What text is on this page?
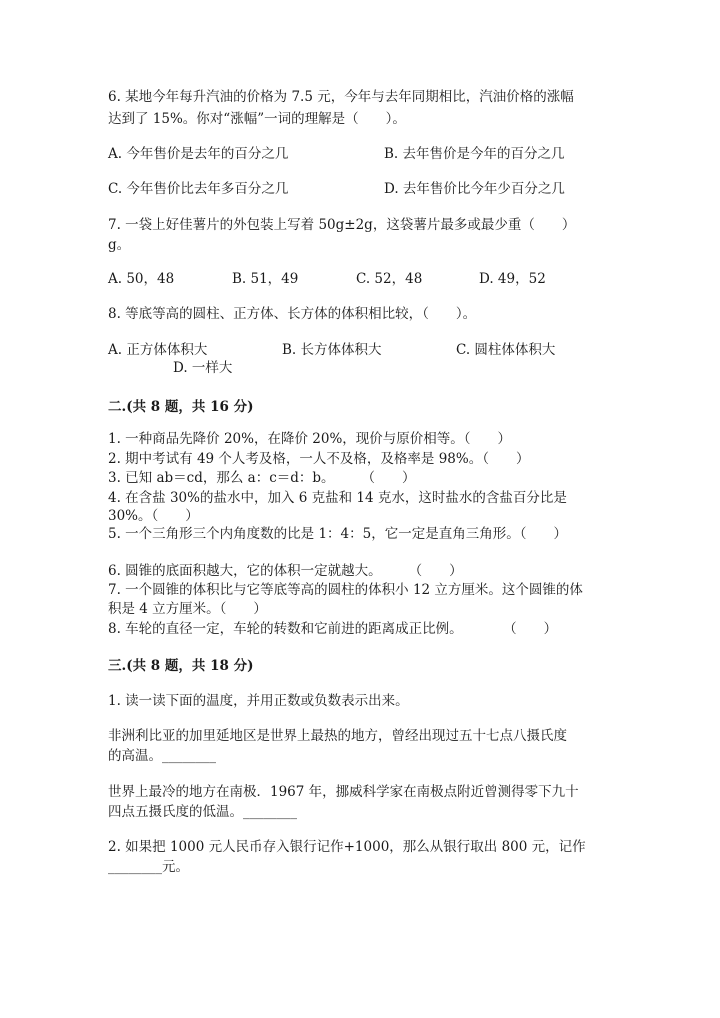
6. 某地今年每升汽油的价格为 7.5 元，今年与去年同期相比，汽油价格的涨幅
达到了 15%。你对“涨幅”一词的理解是（　　）。
A. 今年售价是去年的百分之几	B. 去年售价是今年的百分之几
C. 今年售价比去年多百分之几	D. 去年售价比今年少百分之几
7. 一袋上好佳薯片的外包装上写着 50g±2g，这袋薯片最多或最少重（　　）
g。
A. 50，48	B. 51，49	C. 52，48	D. 49，52
8. 等底等高的圆柱、正方体、长方体的体积相比较，（　　）。
A. 正方体体积大	B. 长方体体积大	C. 圆柱体体积大
D. 一样大
二.(共 8 题，共 16 分)
1. 一种商品先降价 20%，在降价 20%，现价与原价相等。（　　）
2. 期中考试有 49 个人考及格，一人不及格，及格率是 98%。（　　）
3. 已知 ab＝cd，那么 a：c＝d：b。　　　（　　）
4. 在含盐 30%的盐水中，加入 6 克盐和 14 克水，这时盐水的含盐百分比是
30%。（　　）
5. 一个三角形三个内角度数的比是 1：4：5，它一定是直角三角形。（　　）
6. 圆锥的底面积越大，它的体积一定就越大。　　　（　　）
7. 一个圆锥的体积比与它等底等高的圆柱的体积小 12 立方厘米。这个圆锥的体
积是 4 立方厘米。（　　）
8. 车轮的直径一定，车轮的转数和它前进的距离成正比例。　　　　（　　）
三.(共 8 题，共 18 分)
1. 读一读下面的温度，并用正数或负数表示出来。
非洲利比亚的加里延地区是世界上最热的地方，曾经出现过五十七点八摄氏度
的高温。________
世界上最冷的地方在南极．1967 年，挪威科学家在南极点附近曾测得零下九十
四点五摄氏度的低温。________
2. 如果把 1000 元人民币存入银行记作+1000，那么从银行取出 800 元，记作
________元。
